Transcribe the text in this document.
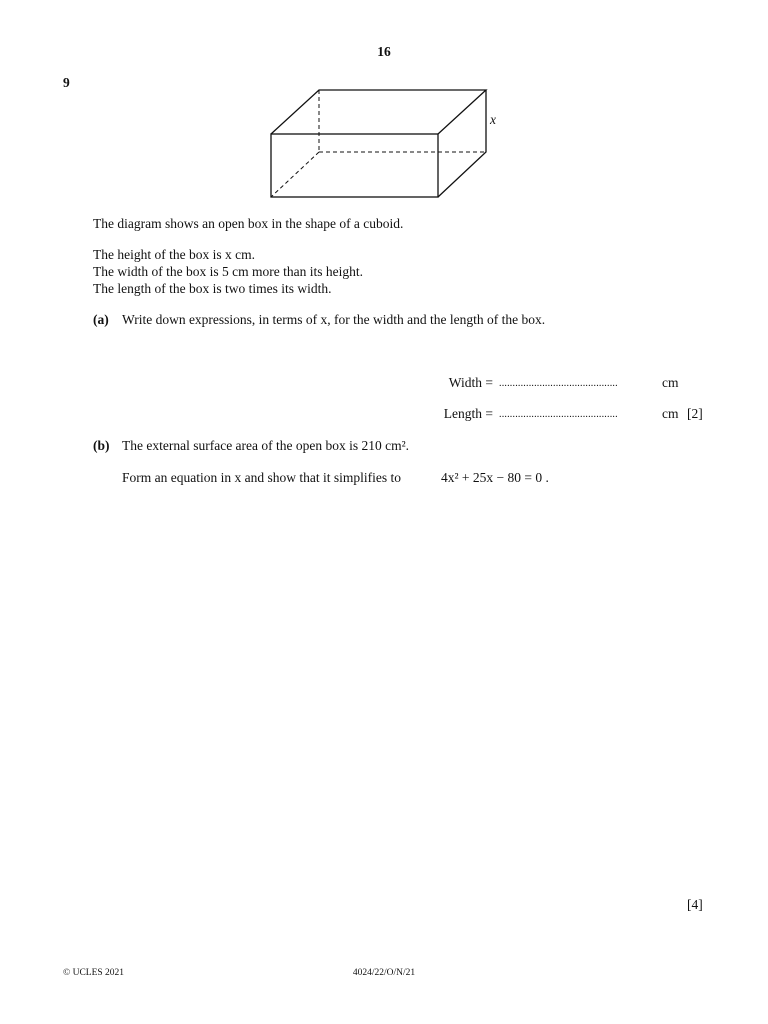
16
9
x
The diagram shows an open box in the shape of a cuboid.
The height of the box is x cm.
The width of the box is 5 cm more than its height.
The length of the box is two times its width.
(a) Write down expressions, in terms of x, for the width and the length of the box.
Width = ............................................	cm
Length = ............................................	cm [2]
(b) The external surface area of the open box is 210 cm².
Form an equation in x and show that it simplifies to	4x² + 25x − 80 = 0 .
[4]
© UCLES 2021	4024/22/O/N/21
